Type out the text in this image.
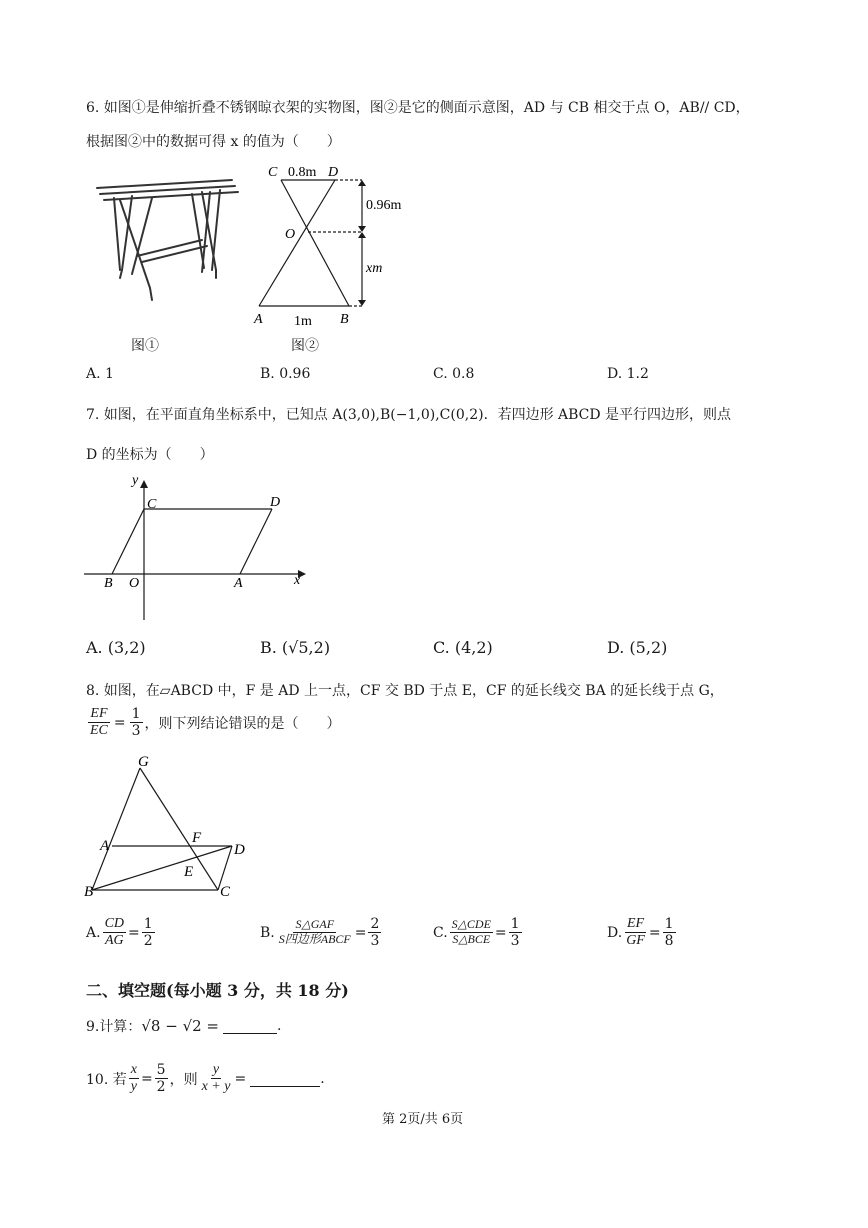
6. 如图①是伸缩折叠不锈钢晾衣架的实物图，图②是它的侧面示意图，AD 与 CB 相交于点 O，AB// CD，
根据图②中的数据可得 x 的值为（　　）
图①
C	D
0.8m
0.96m
O
xm
A 1m B
图②
A. 1	B. 0.96	C. 0.8	D. 1.2
7. 如图，在平面直角坐标系中，已知点 A(3,0),B(−1,0),C(0,2)．若四边形 ABCD 是平行四边形，则点
D 的坐标为（　　）
y
x
C	D
B O	A
A. (3,2)	B. (√5,2)	C. (4,2)	D. (5,2)
8. 如图，在▱ABCD 中，F 是 AD 上一点，CF 交 BD 于点 E，CF 的延长线交 BA 的延长线于点 G，
$\frac{EF}{EC} = \frac{1}{3}$ ，则下列结论错误的是（　　）
G
A	F
D
E
B	C
A. $\frac{CD}{AG} = \frac{1}{2}$	B. $\frac{\text{S△GAF}}{\text{S四边形ABCF}} = \frac{2}{3}$	C. $\frac{\text{S△CDE}}{\text{S△BCE}} = \frac{1}{3}$	D. $\frac{EF}{GF} = \frac{1}{8}$
二、填空题(每小题 3 分，共 18 分)
9.计算： √8 − √2 =	.
10. 若 $\frac{x}{y} = \frac{5}{2}$ ，则 $\frac{y}{x + y}$ =	.
第 2页/共 6页
